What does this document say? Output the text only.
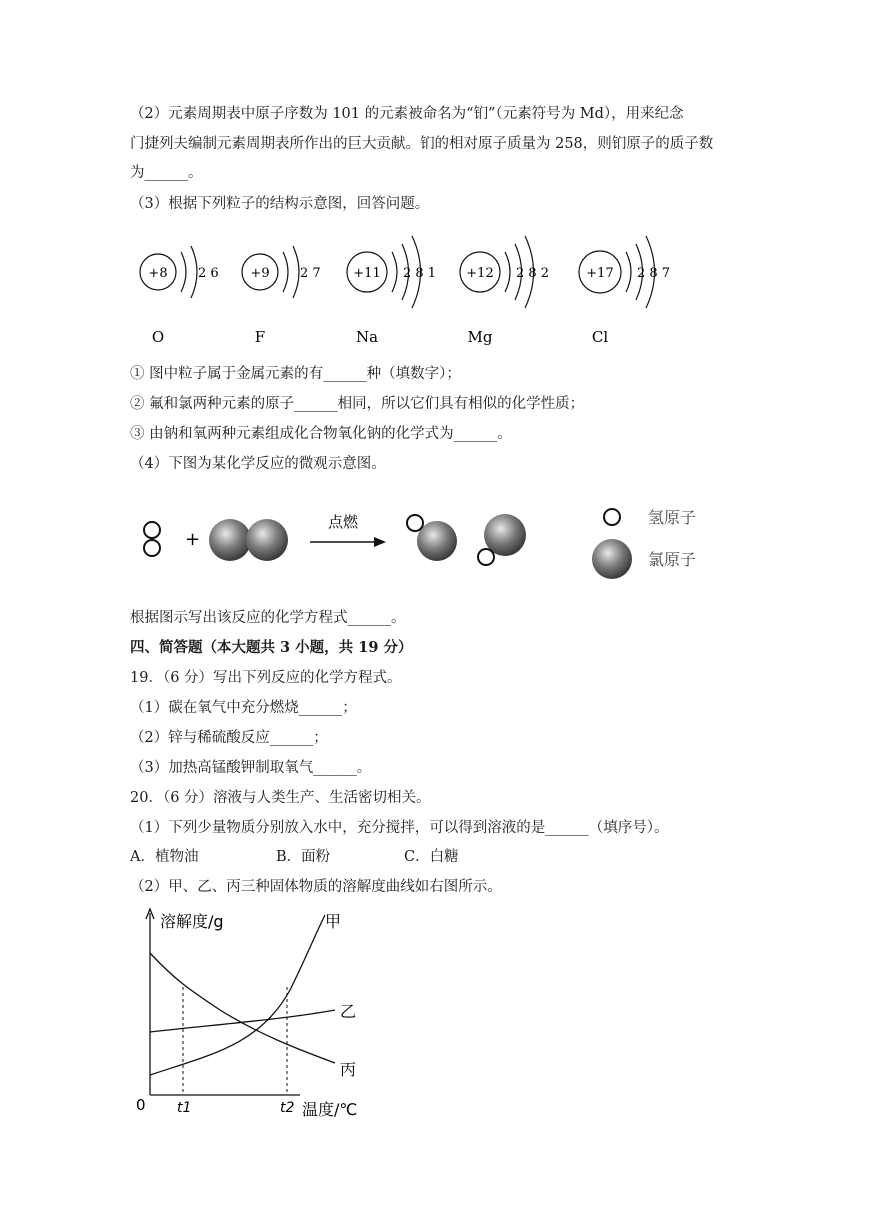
（2）元素周期表中原子序数为 101 的元素被命名为“钔”（元素符号为 Md），用来纪念
门捷列夫编制元素周期表所作出的巨大贡献。钔的相对原子质量为 258，则钔原子的质子数
为______。
（3）根据下列粒子的结构示意图，回答问题。
+8 2 6
O
+9 2 7
F
+11 2 8 1
Na
+12 2 8 2
Mg
+17 2 8 7
Cl
① 图中粒子属于金属元素的有______种（填数字）；
② 氟和氯两种元素的原子______相同，所以它们具有相似的化学性质；
③ 由钠和氧两种元素组成化合物氧化钠的化学式为______。
（4）下图为某化学反应的微观示意图。
+
点燃	氢原子
氯原子
根据图示写出该反应的化学方程式______。
四、简答题（本大题共 3 小题，共 19 分）
19．（6 分）写出下列反应的化学方程式。
（1）碳在氧气中充分燃烧______；
（2）锌与稀硫酸反应______；
（3）加热高锰酸钾制取氧气______。
20．（6 分）溶液与人类生产、生活密切相关。
（1）下列少量物质分别放入水中，充分搅拌，可以得到溶液的是______（填序号）。
A．植物油	B．面粉	C．白糖
（2）甲、乙、丙三种固体物质的溶解度曲线如右图所示。
溶解度/g
温度/℃
0 t1	t2
甲
乙
丙
